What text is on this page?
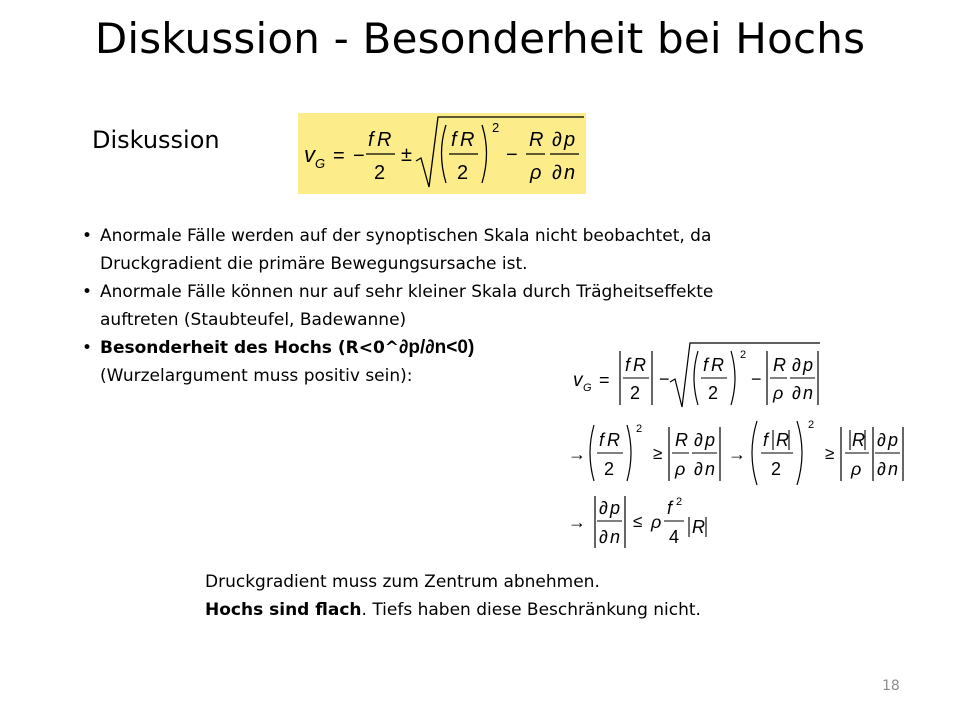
Diskussion - Besonderheit bei Hochs
Diskussion
v G = −
f R
2
±
f R
2
2
−
R
ρ
∂ p
∂ n
• Anormale Fälle werden auf der synoptischen Skala nicht beobachtet, da
Druckgradient die primäre Bewegungsursache ist.
• Anormale Fälle können nur auf sehr kleiner Skala durch Trägheitseffekte
auftreten (Staubteufel, Badewanne)
• Besonderheit des Hochs (R<0^∂p/∂n<0)
(Wurzelargument muss positiv sein):	v G =
f R
2
−
f R
2
2
−
R
ρ
∂ p
∂ n
→
f R
2
2
≥
R
ρ
∂ p
∂ n
→
f R
2
2
≥
R
ρ
∂ p
∂ n
→
∂ p
∂ n
≤ ρ
f 2
4 R
Druckgradient muss zum Zentrum abnehmen.
Hochs sind flach. Tiefs haben diese Beschränkung nicht.
18
